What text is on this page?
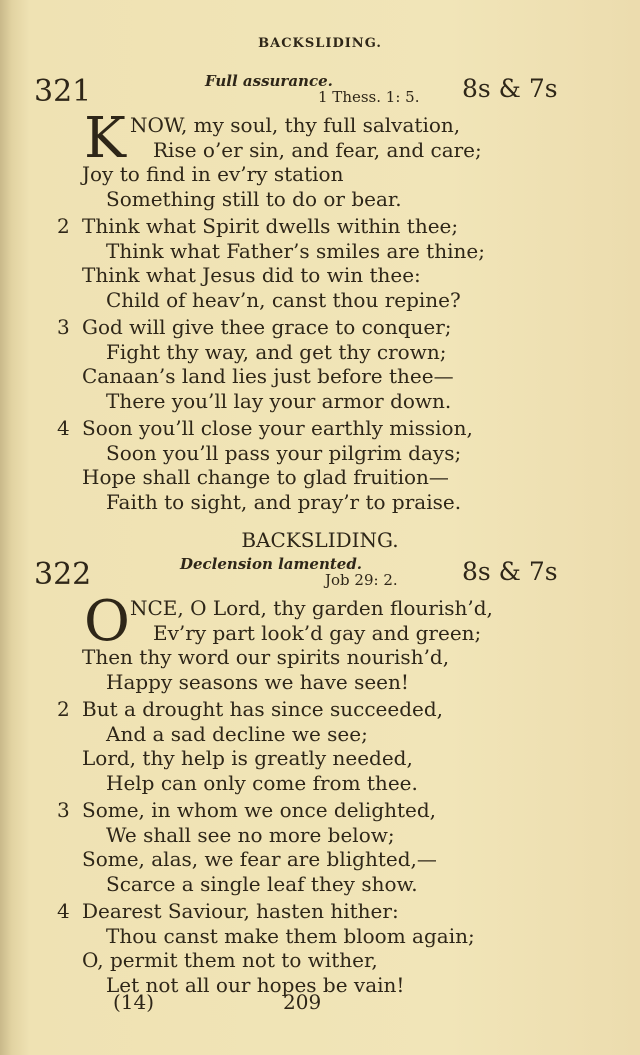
BACKSLIDING.
BACKSLIDING.
321	Full assurance.
1 Thess. 1: 5. 8s & 7s
K NOW, my soul, thy full salvation,
Rise o’er sin, and fear, and care;
Joy to find in ev’ry station
Something still to do or bear.
2 Think what Spirit dwells within thee;
Think what Father’s smiles are thine;
Think what Jesus did to win thee:
Child of heav’n, canst thou repine?
3 God will give thee grace to conquer;
Fight thy way, and get thy crown;
Canaan’s land lies just before thee—
There you’ll lay your armor down.
4 Soon you’ll close your earthly mission,
Soon you’ll pass your pilgrim days;
Hope shall change to glad fruition—
Faith to sight, and pray’r to praise.
322	Declension lamented.
Job 29: 2.	8s & 7s
O NCE, O Lord, thy garden flourish’d,
Ev’ry part look’d gay and green;
Then thy word our spirits nourish’d,
Happy seasons we have seen!
2 But a drought has since succeeded,
And a sad decline we see;
Lord, thy help is greatly needed,
Help can only come from thee.
3 Some, in whom we once delighted,
We shall see no more below;
Some, alas, we fear are blighted,—
Scarce a single leaf they show.
4 Dearest Saviour, hasten hither:
Thou canst make them bloom again;
O, permit them not to wither,
Let not all our hopes be vain!
(14)	209
